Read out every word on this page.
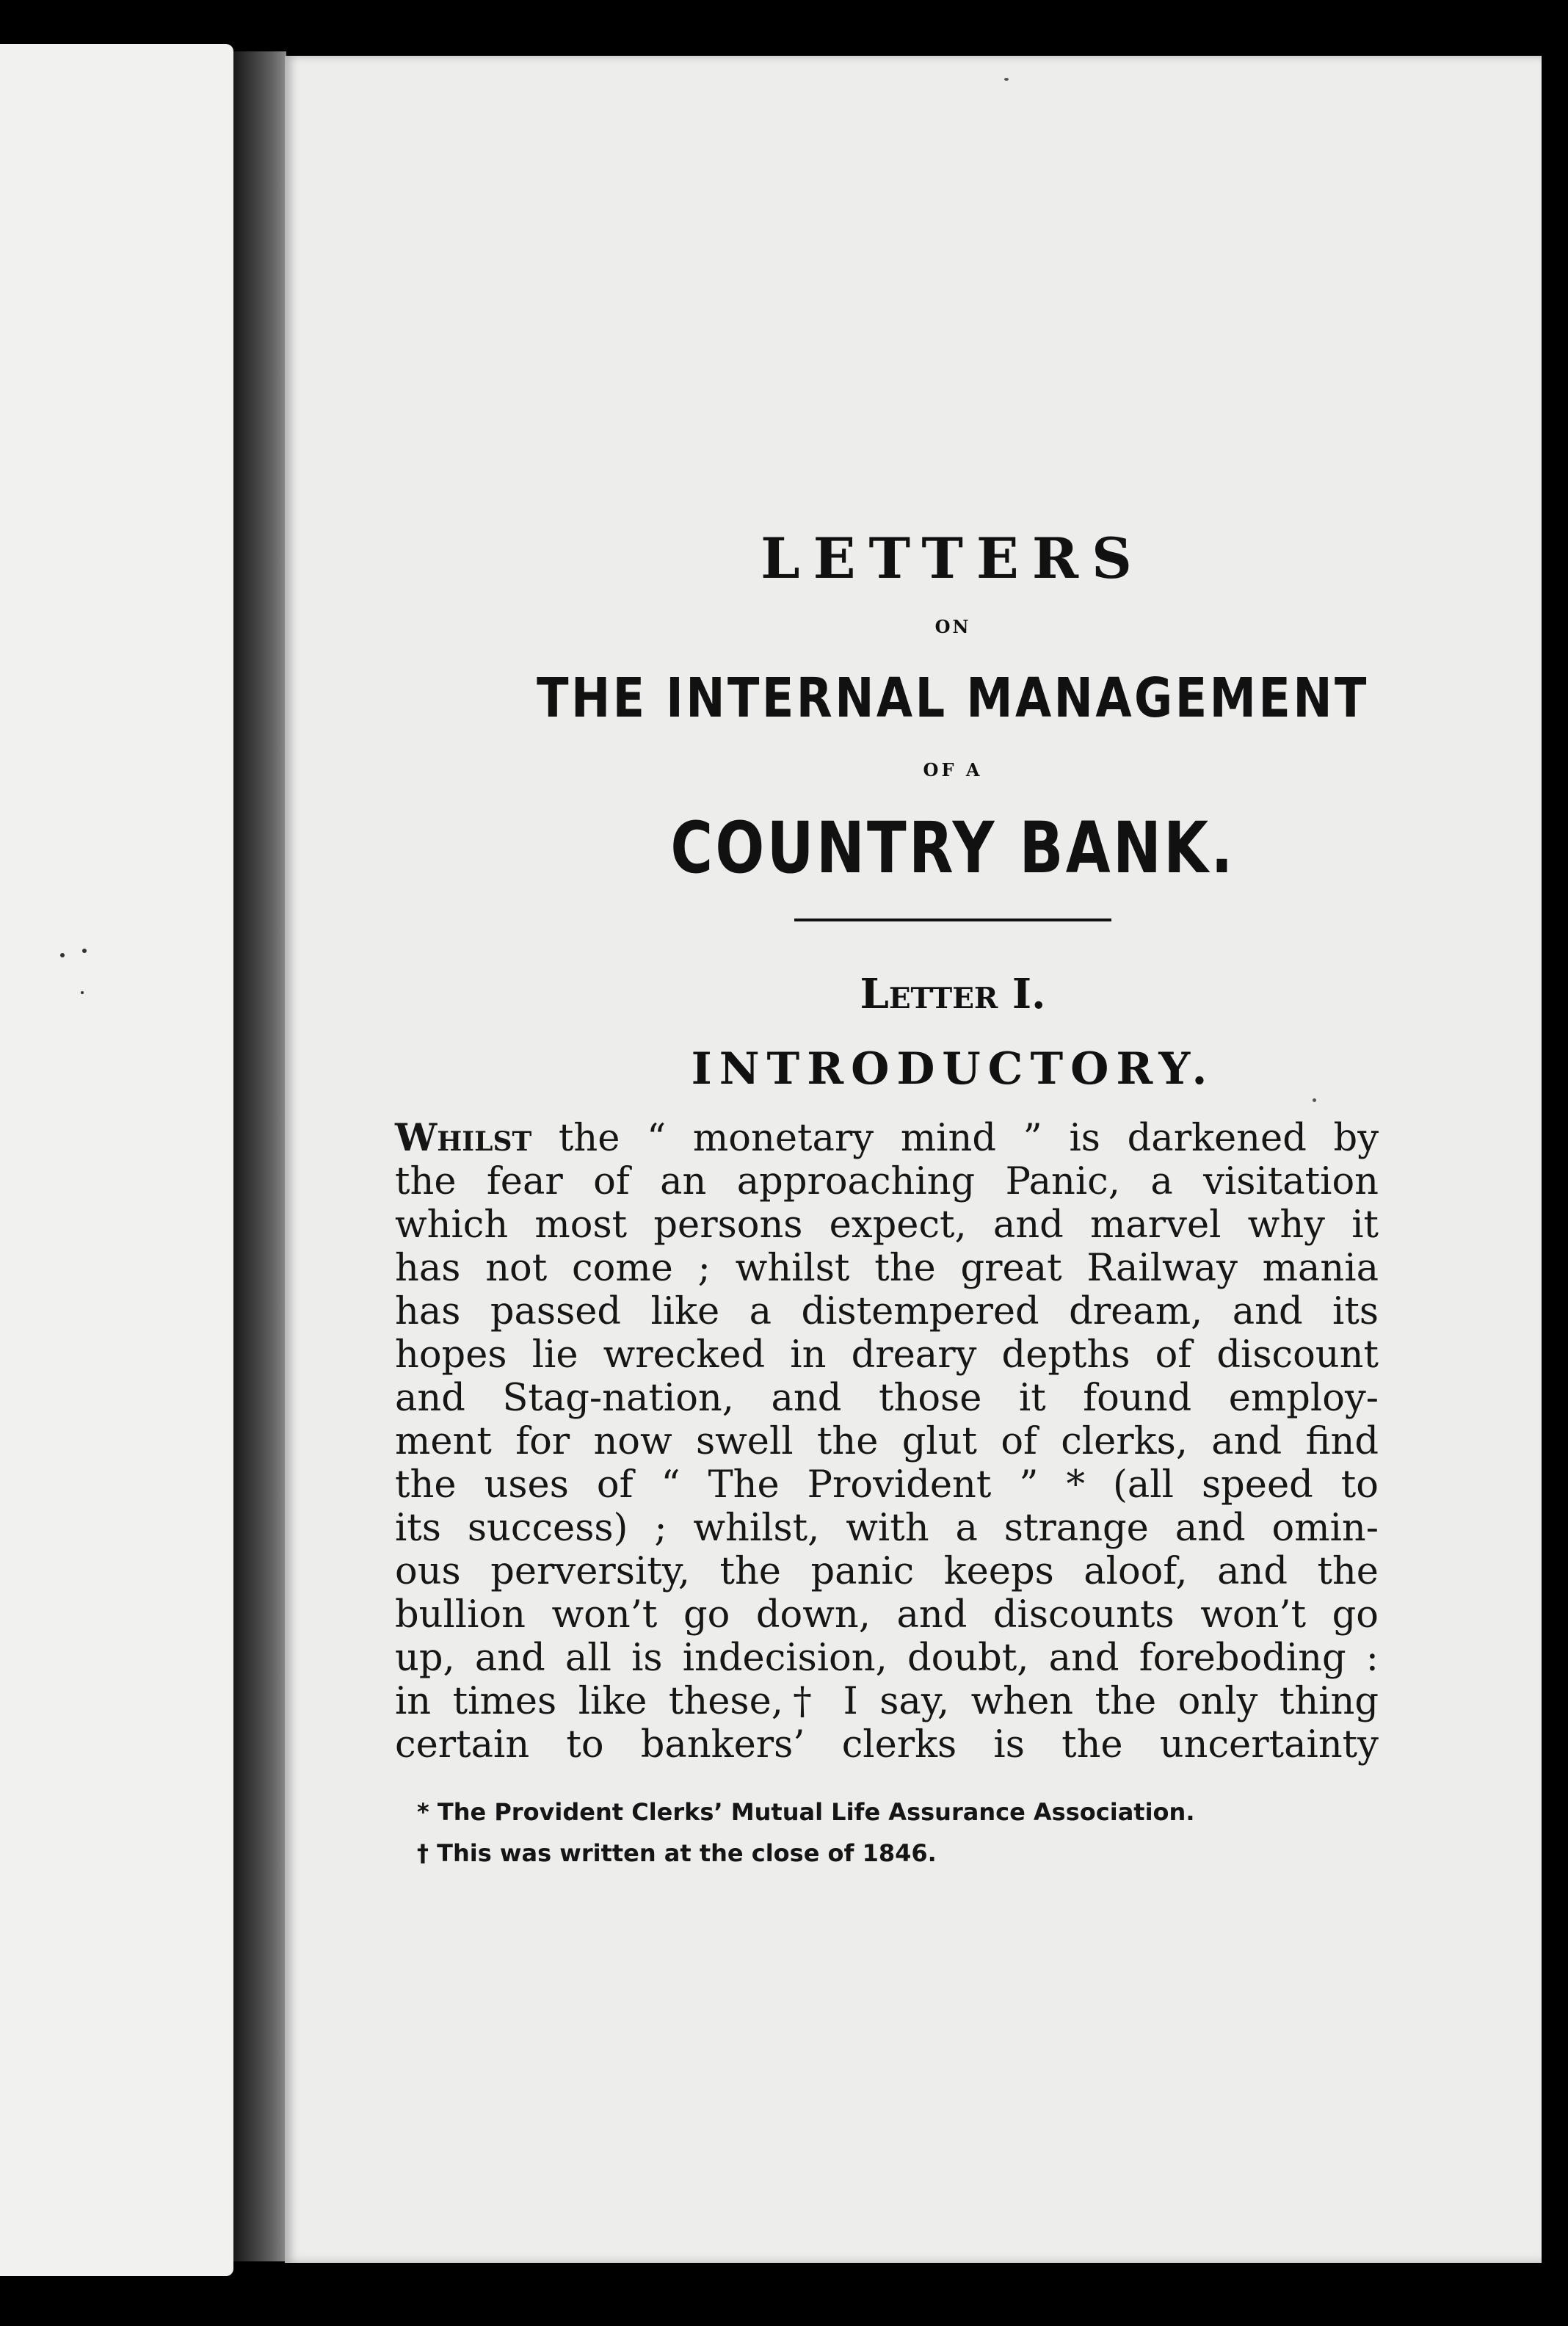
LETTERS
ON
THE INTERNAL MANAGEMENT
OF A
COUNTRY BANK.
Letter I.
INTRODUCTORY.
Whilst the “ monetary mind ” is darkened by
the fear of an approaching Panic, a visitation
which most persons expect, and marvel why it
has not come ; whilst the great Railway mania
has passed like a distempered dream, and its
hopes lie wrecked in dreary depths of discount
and Stag-nation, and those it found employ-
ment for now swell the glut of clerks, and find
the uses of “ The Provident ” * (all speed to
its success) ; whilst, with a strange and omin-
ous perversity, the panic keeps aloof, and the
bullion won’t go down, and discounts won’t go
up, and all is indecision, doubt, and foreboding :
in times like these,† I say, when the only thing
certain to bankers’ clerks is the uncertainty
* The Provident Clerks’ Mutual Life Assurance Association.
† This was written at the close of 1846.
